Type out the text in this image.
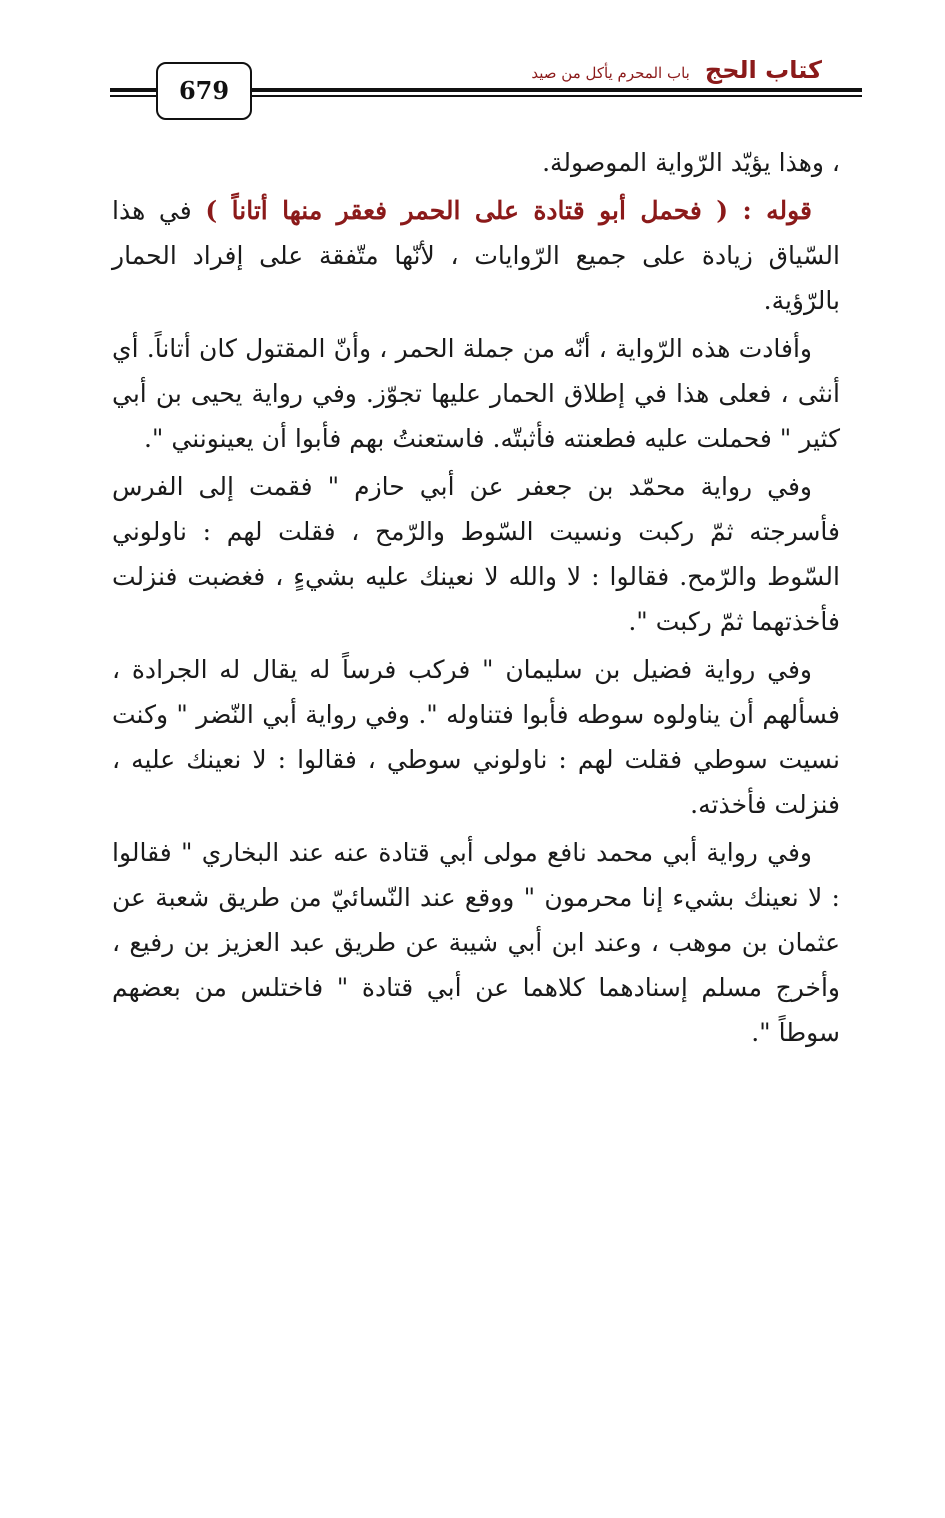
كتاب الحج باب المحرم يأكل من صيد
679

، وهذا يؤيّد الرّواية الموصولة.

قوله : ( فحمل أبو قتادة على الحمر فعقر منها أتاناً ) في هذا السّياق زيادة على جميع الرّوايات ، لأنّها متّفقة على إفراد الحمار بالرّؤية.

وأفادت هذه الرّواية ، أنّه من جملة الحمر ، وأنّ المقتول كان أتاناً. أي أنثى ، فعلى هذا في إطلاق الحمار عليها تجوّز. وفي رواية يحيى بن أبي كثير " فحملت عليه فطعنته فأثبتّه. فاستعنتُ بهم فأبوا أن يعينونني ".

وفي رواية محمّد بن جعفر عن أبي حازم " فقمت إلى الفرس فأسرجته ثمّ ركبت ونسيت السّوط والرّمح ، فقلت لهم : ناولوني السّوط والرّمح. فقالوا : لا والله لا نعينك عليه بشيءٍ ، فغضبت فنزلت فأخذتهما ثمّ ركبت ".

وفي رواية فضيل بن سليمان " فركب فرساً له يقال له الجرادة ، فسألهم أن يناولوه سوطه فأبوا فتناوله ". وفي رواية أبي النّضر " وكنت نسيت سوطي فقلت لهم : ناولوني سوطي ، فقالوا : لا نعينك عليه ، فنزلت فأخذته.

وفي رواية أبي محمد نافع مولى أبي قتادة عنه عند البخاري " فقالوا : لا نعينك بشيء إنا محرمون " ووقع عند النّسائيّ من طريق شعبة عن عثمان بن موهب ، وعند ابن أبي شيبة عن طريق عبد العزيز بن رفيع ، وأخرج مسلم إسنادهما كلاهما عن أبي قتادة " فاختلس من بعضهم سوطاً ".
